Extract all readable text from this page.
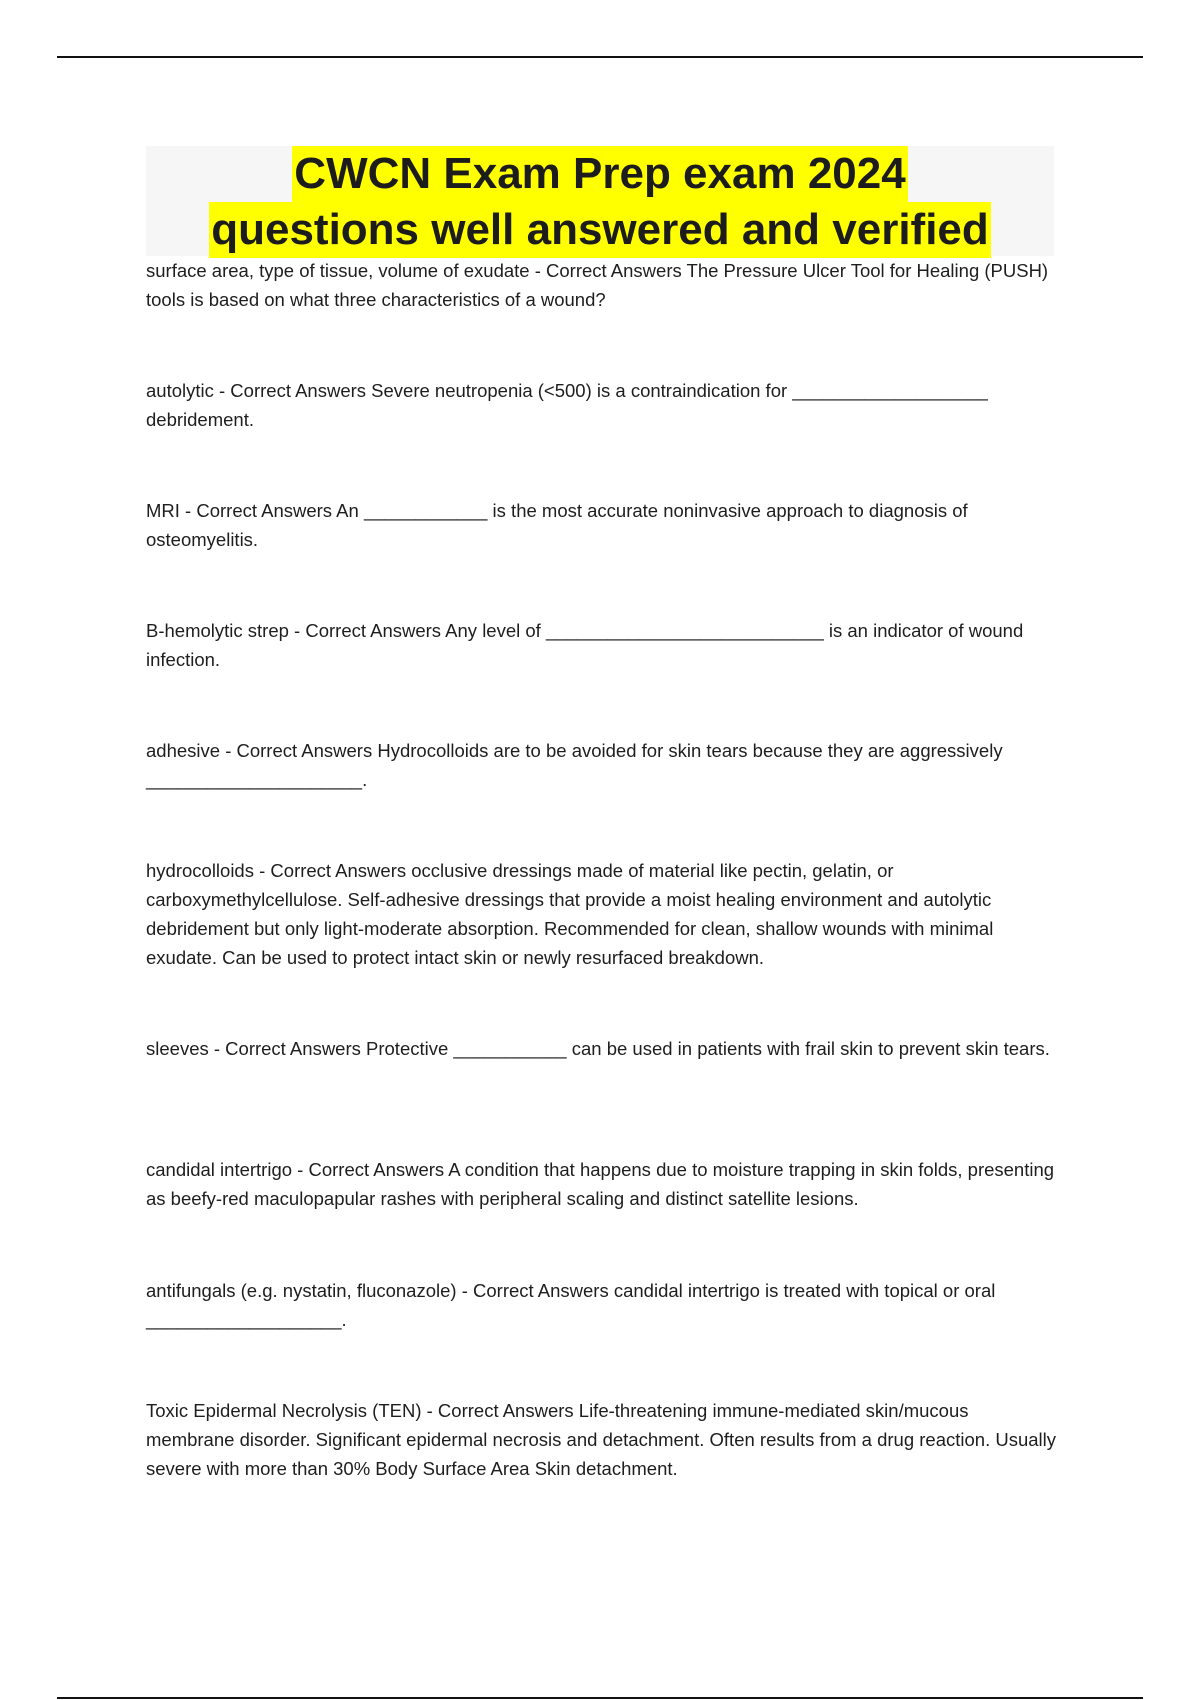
CWCN Exam Prep exam 2024
questions well answered and verified

surface area, type of tissue, volume of exudate - Correct Answers The Pressure Ulcer Tool for Healing (PUSH) tools is based on what three characteristics of a wound?

autolytic - Correct Answers Severe neutropenia (<500) is a contraindication for ___________________ debridement.

MRI - Correct Answers An ____________ is the most accurate noninvasive approach to diagnosis of osteomyelitis.

B-hemolytic strep - Correct Answers Any level of ___________________________ is an indicator of wound infection.

adhesive - Correct Answers Hydrocolloids are to be avoided for skin tears because they are aggressively _____________________.

hydrocolloids - Correct Answers occlusive dressings made of material like pectin, gelatin, or carboxymethylcellulose. Self-adhesive dressings that provide a moist healing environment and autolytic debridement but only light-moderate absorption. Recommended for clean, shallow wounds with minimal exudate. Can be used to protect intact skin or newly resurfaced breakdown.

sleeves - Correct Answers Protective ___________ can be used in patients with frail skin to prevent skin tears.

candidal intertrigo - Correct Answers A condition that happens due to moisture trapping in skin folds, presenting as beefy-red maculopapular rashes with peripheral scaling and distinct satellite lesions.

antifungals (e.g. nystatin, fluconazole) - Correct Answers candidal intertrigo is treated with topical or oral ___________________.

Toxic Epidermal Necrolysis (TEN) - Correct Answers Life-threatening immune-mediated skin/mucous membrane disorder. Significant epidermal necrosis and detachment. Often results from a drug reaction. Usually severe with more than 30% Body Surface Area Skin detachment.
